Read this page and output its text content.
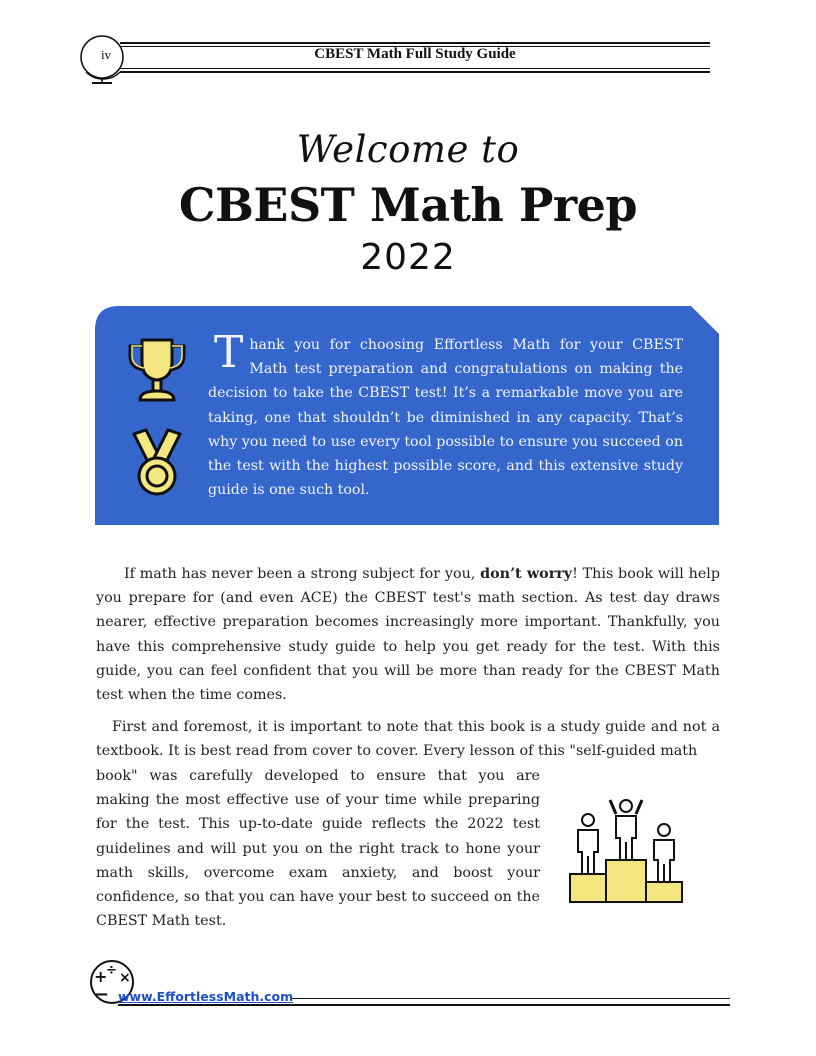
iv	CBEST Math Full Study Guide
Welcome to
CBEST Math Prep
2022

Thank you for choosing Effortless Math for your CBEST Math test preparation and congratulations on making the decision to take the CBEST test! It’s a remarkable move you are taking, one that shouldn’t be diminished in any capacity. That’s why you need to use every tool possible to ensure you succeed on the test with the highest possible score, and this extensive study guide is one such tool.

If math has never been a strong subject for you, don’t worry! This book will help you prepare for (and even ACE) the CBEST test's math section. As test day draws nearer, effective preparation becomes increasingly more important. Thankfully, you have this comprehensive study guide to help you get ready for the test. With this guide, you can feel confident that you will be more than ready for the CBEST Math test when the time comes.

First and foremost, it is important to note that this book is a study guide and not a textbook. It is best read from cover to cover. Every lesson of this "self-guided math

book" was carefully developed to ensure that you are making the most effective use of your time while preparing for the test. This up-to-date guide reflects the 2022 test guidelines and will put you on the right track to hone your math skills, overcome exam anxiety, and boost your confidence, so that you can have your best to succeed on the CBEST Math test.

+
÷ ×
− www.EffortlessMath.com
